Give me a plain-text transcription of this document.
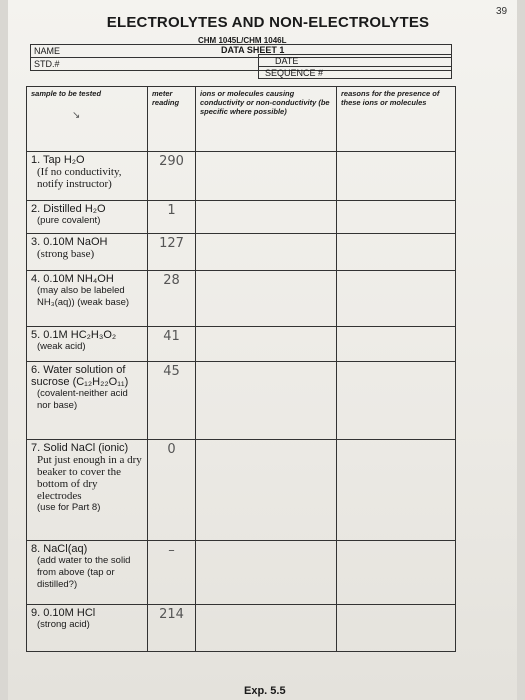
39
ELECTROLYTES AND NON-ELECTROLYTES
CHM 1045L/CHM 1046L
DATA SHEET 1
NAME
STD.#	DATE
SEQUENCE #
↘
sample to be tested	meter reading	ions or molecules causing conductivity or non-conductivity (be specific where possible)	reasons for the presence of these ions or molecules
1. Tap H₂O
(If no conductivity, notify instructor)	290		
2. Distilled H₂O
(pure covalent)	1		
3. 0.10M NaOH
(strong base)	127		
4. 0.10M NH₄OH
(may also be labeled NH₃(aq)) (weak base)	28		
5. 0.1M HC₂H₃O₂
(weak acid)	41		
6. Water solution of sucrose (C₁₂H₂₂O₁₁)
(covalent-neither acid nor base)	45		
7. Solid NaCl (ionic)
Put just enough in a dry beaker to cover the bottom of dry electrodes
(use for Part 8)	0		
8. NaCl(aq)
(add water to the solid from above (tap or distilled?)	–		
9. 0.10M HCl
(strong acid)	214		
Exp. 5.5
